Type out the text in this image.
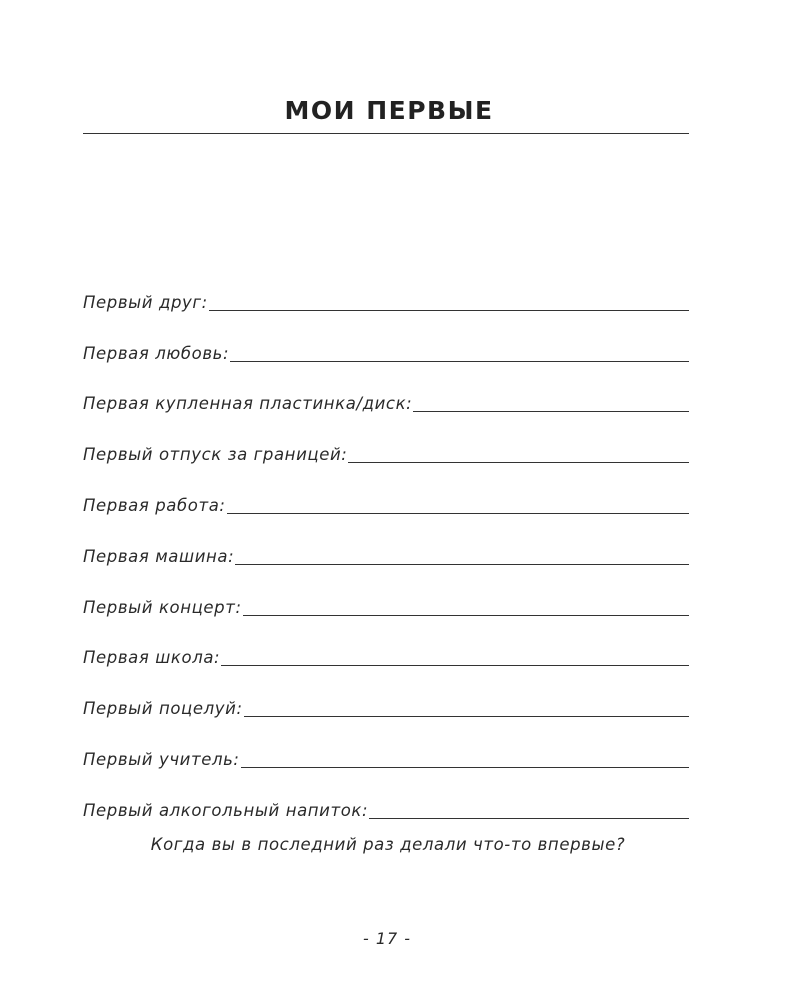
МОИ ПЕРВЫЕ
Первый друг:
Первая любовь:
Первая купленная пластинка/диск:
Первый отпуск за границей:
Первая работа:
Первая машина:
Первый концерт:
Первая школа:
Первый поцелуй:
Первый учитель:
Первый алкогольный напиток:

Когда вы в последний раз делали что-то впервые?

- 17 -
